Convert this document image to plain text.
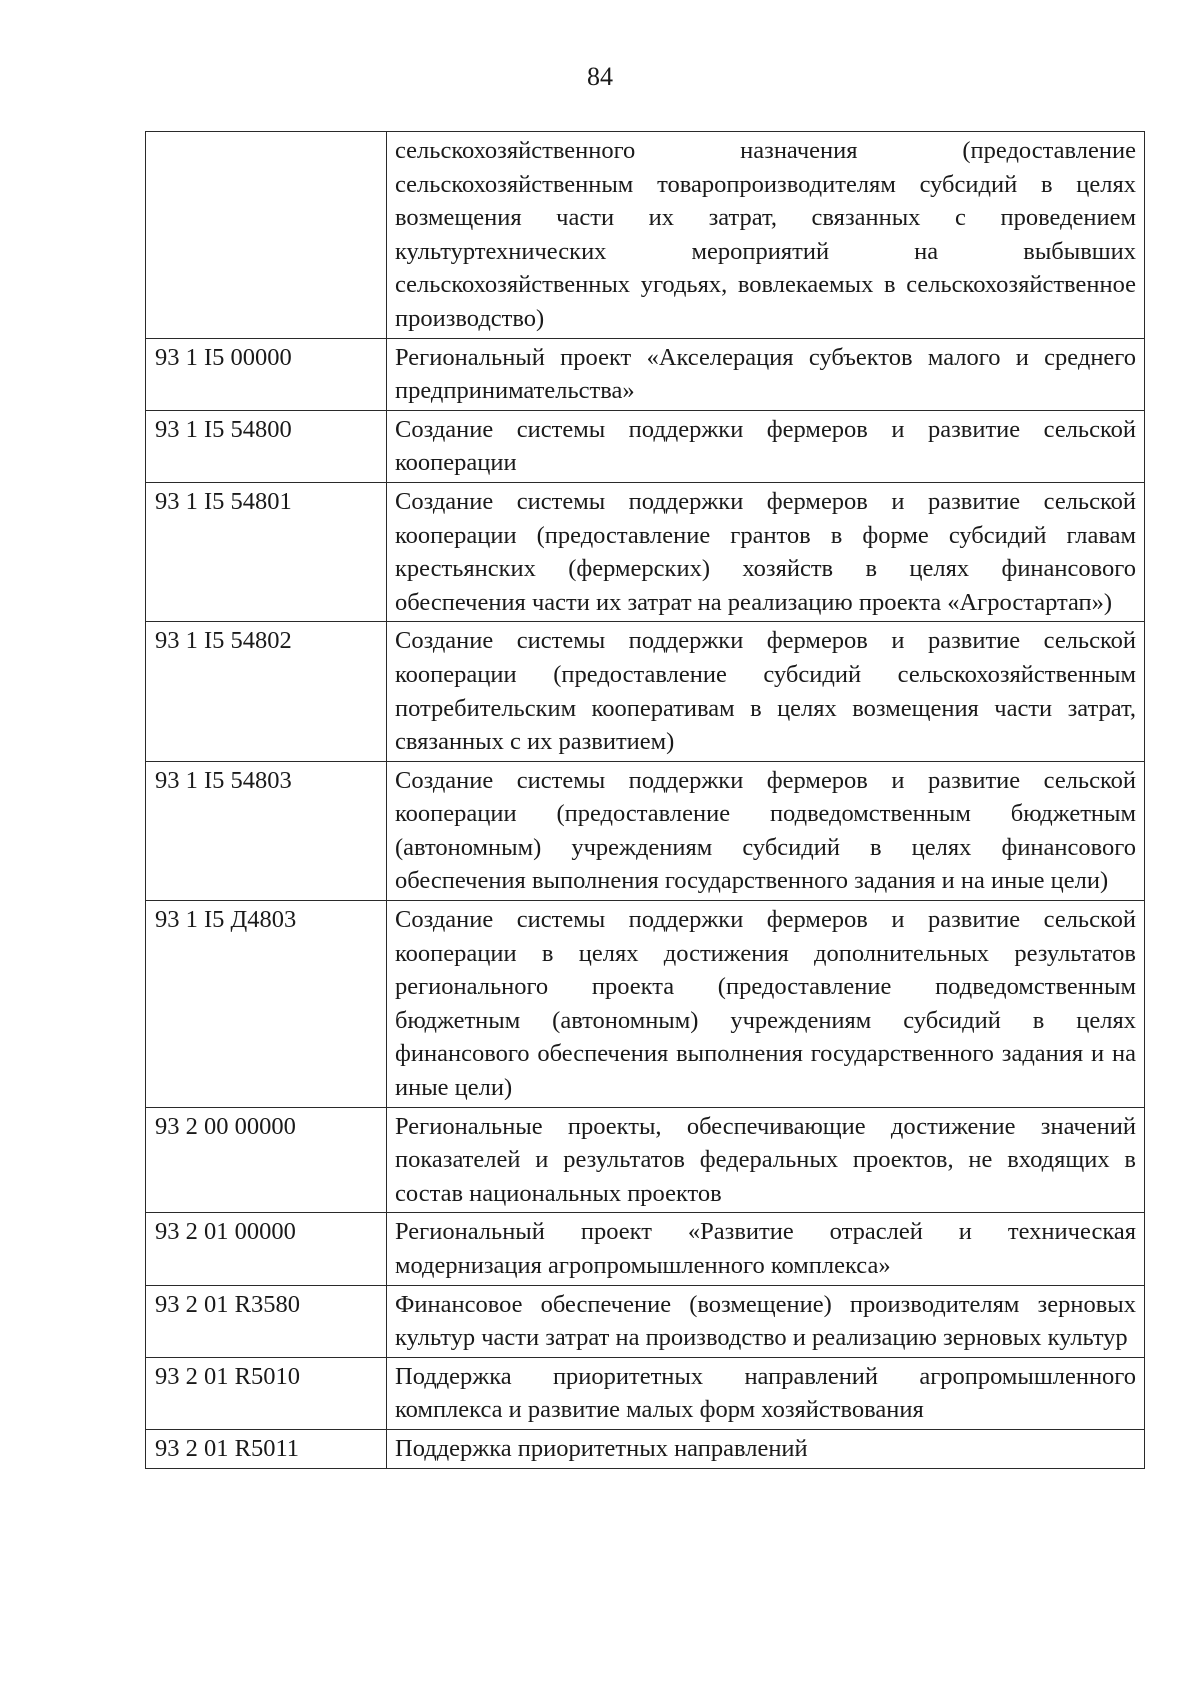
84
	сельскохозяйственного назначения (предоставление сельскохозяйственным товаропроизводителям субсидий в целях возмещения части их затрат, связанных с проведением культуртехнических мероприятий на выбывших сельскохозяйственных угодьях, вовлекаемых в сельскохозяйственное производство)
93 1 I5 00000	Региональный проект «Акселерация субъектов малого и среднего предпринимательства»
93 1 I5 54800	Создание системы поддержки фермеров и развитие сельской кооперации
93 1 I5 54801	Создание системы поддержки фермеров и развитие сельской кооперации (предоставление грантов в форме субсидий главам крестьянских (фермерских) хозяйств в целях финансового обеспечения части их затрат на реализацию проекта «Агростартап»)
93 1 I5 54802	Создание системы поддержки фермеров и развитие сельской кооперации (предоставление субсидий сельскохозяйственным потребительским кооперативам в целях возмещения части затрат, связанных с их развитием)
93 1 I5 54803	Создание системы поддержки фермеров и развитие сельской кооперации (предоставление подведомственным бюджетным (автономным) учреждениям субсидий в целях финансового обеспечения выполнения государственного задания и на иные цели)
93 1 I5 Д4803	Создание системы поддержки фермеров и развитие сельской кооперации в целях достижения дополнительных результатов регионального проекта (предоставление подведомственным бюджетным (автономным) учреждениям субсидий в целях финансового обеспечения выполнения государственного задания и на иные цели)
93 2 00 00000	Региональные проекты, обеспечивающие достижение значений показателей и результатов федеральных проектов, не входящих в состав национальных проектов
93 2 01 00000	Региональный проект «Развитие отраслей и техническая модернизация агропромышленного комплекса»
93 2 01 R3580	Финансовое обеспечение (возмещение) производителям зерновых культур части затрат на производство и реализацию зерновых культур
93 2 01 R5010	Поддержка приоритетных направлений агропромышленного комплекса и развитие малых форм хозяйствования
93 2 01 R5011	Поддержка приоритетных направлений
